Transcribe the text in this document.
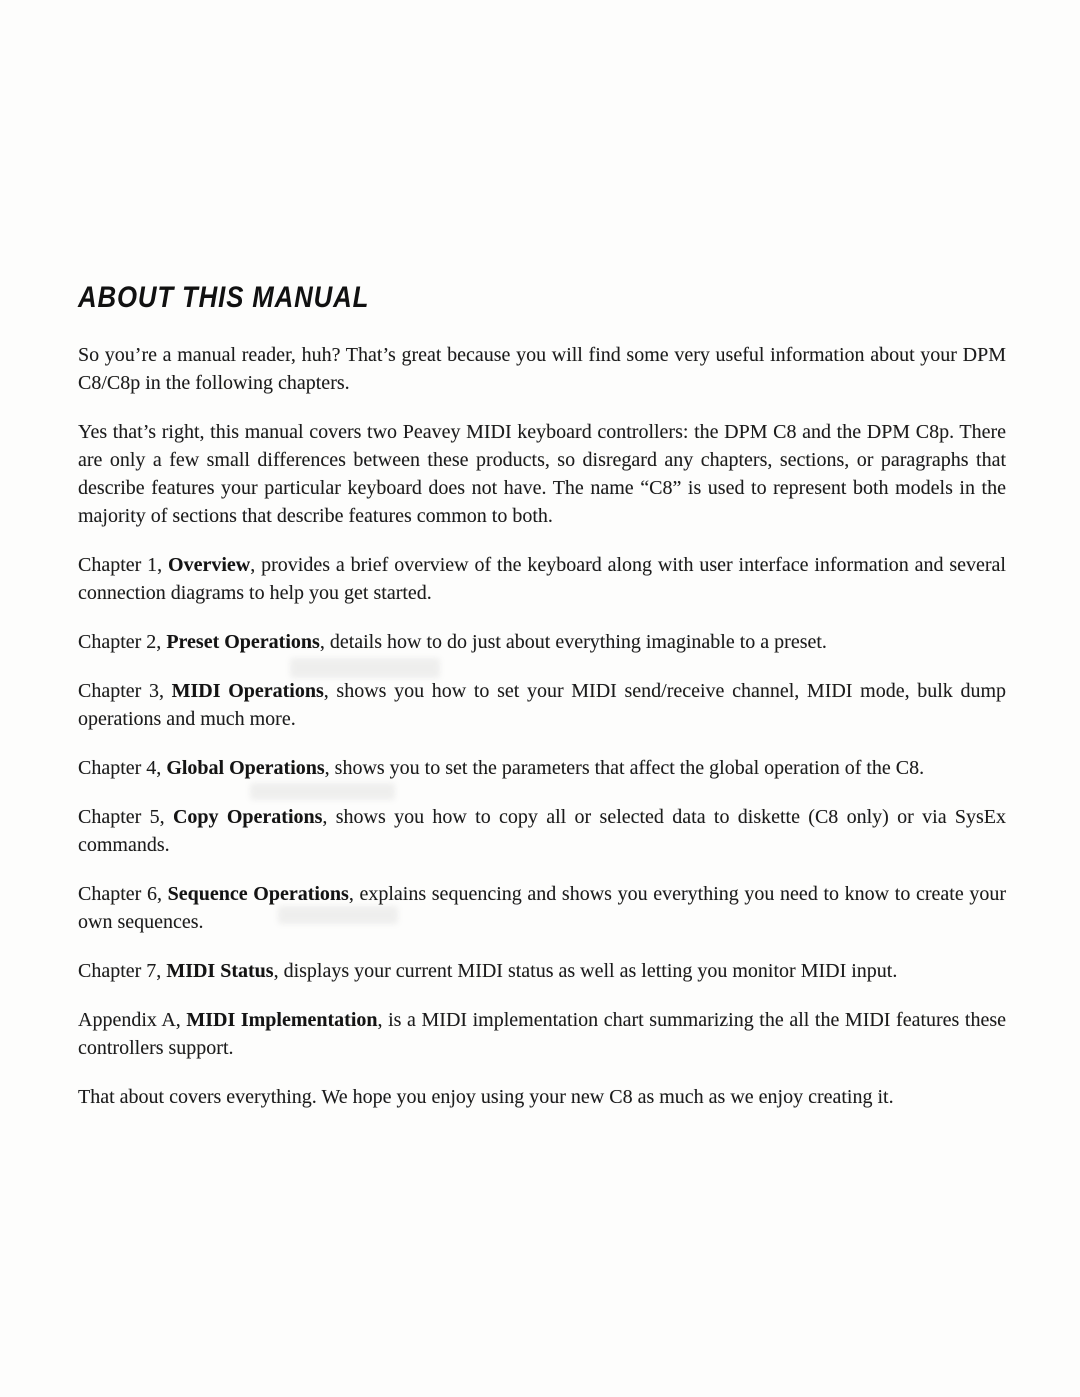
ABOUT THIS MANUAL

So you’re a manual reader, huh? That’s great because you will find some very useful information about your DPM C8/C8p in the following chapters.

Yes that’s right, this manual covers two Peavey MIDI keyboard controllers: the DPM C8 and the DPM C8p. There are only a few small differences between these products, so disregard any chapters, sections, or paragraphs that describe features your particular keyboard does not have. The name “C8” is used to represent both models in the majority of sections that describe features common to both.

Chapter 1, Overview, provides a brief overview of the keyboard along with user interface information and several connection diagrams to help you get started.

Chapter 2, Preset Operations, details how to do just about everything imaginable to a preset.

Chapter 3, MIDI Operations, shows you how to set your MIDI send/receive channel, MIDI mode, bulk dump operations and much more.

Chapter 4, Global Operations, shows you to set the parameters that affect the global operation of the C8.

Chapter 5, Copy Operations, shows you how to copy all or selected data to diskette (C8 only) or via SysEx commands.

Chapter 6, Sequence Operations, explains sequencing and shows you everything you need to know to create your own sequences.

Chapter 7, MIDI Status, displays your current MIDI status as well as letting you monitor MIDI input.

Appendix A, MIDI Implementation, is a MIDI implementation chart summarizing the all the MIDI features these controllers support.

That about covers everything. We hope you enjoy using your new C8 as much as we enjoy creating it.
